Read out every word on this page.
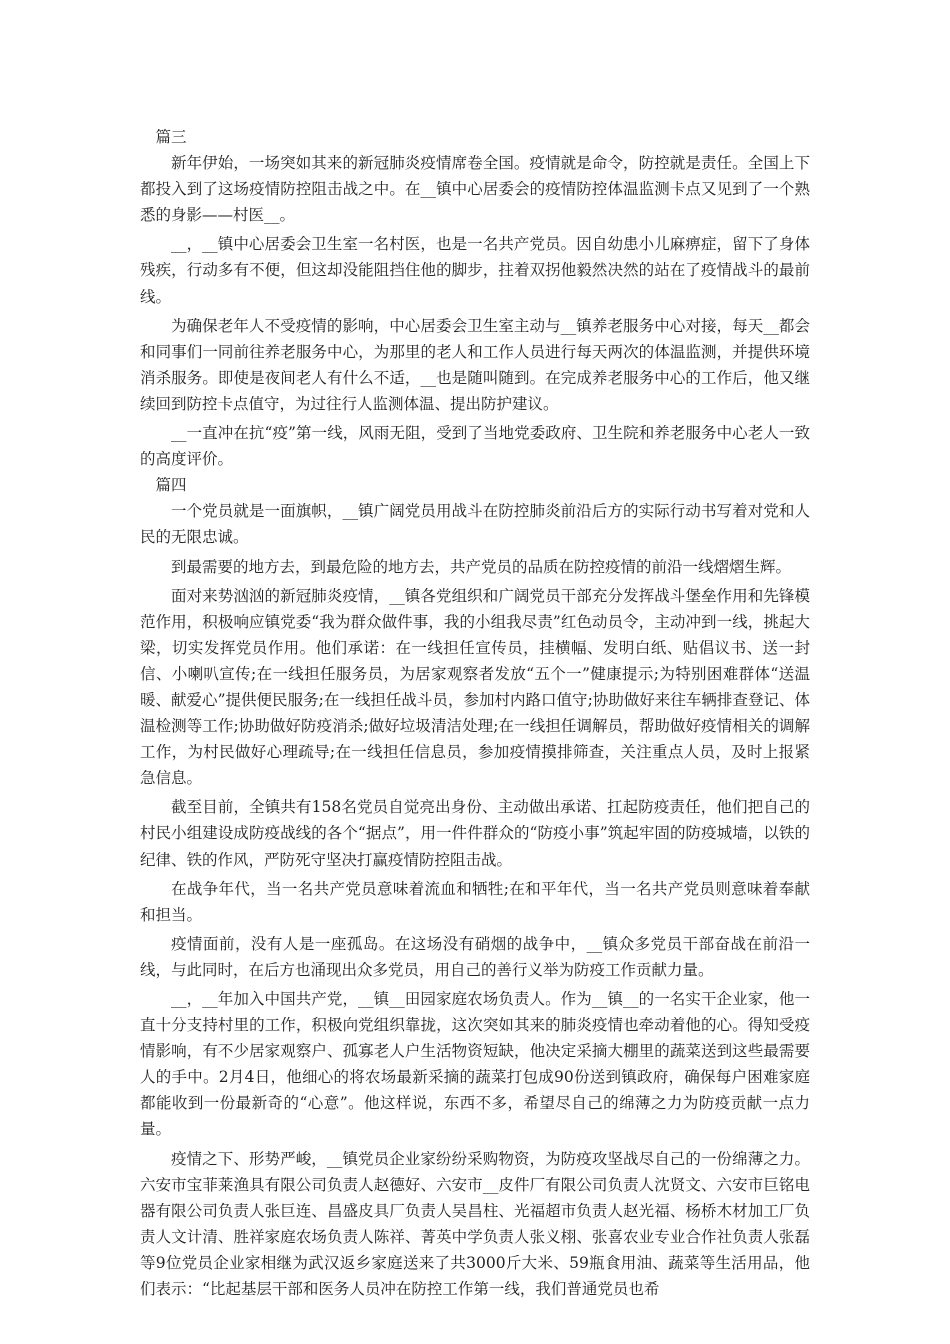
篇三

新年伊始，一场突如其来的新冠肺炎疫情席卷全国。疫情就是命令，防控就是责任。全国上下都投入到了这场疫情防控阻击战之中。在__镇中心居委会的疫情防控体温监测卡点又见到了一个熟悉的身影——村医__。

__，__镇中心居委会卫生室一名村医，也是一名共产党员。因自幼患小儿麻痹症，留下了身体残疾，行动多有不便，但这却没能阻挡住他的脚步，拄着双拐他毅然决然的站在了疫情战斗的最前线。

为确保老年人不受疫情的影响，中心居委会卫生室主动与__镇养老服务中心对接，每天__都会和同事们一同前往养老服务中心，为那里的老人和工作人员进行每天两次的体温监测，并提供环境消杀服务。即使是夜间老人有什么不适，__也是随叫随到。在完成养老服务中心的工作后，他又继续回到防控卡点值守，为过往行人监测体温、提出防护建议。

__一直冲在抗“疫”第一线，风雨无阻，受到了当地党委政府、卫生院和养老服务中心老人一致的高度评价。

篇四

一个党员就是一面旗帜，__镇广阔党员用战斗在防控肺炎前沿后方的实际行动书写着对党和人民的无限忠诚。

到最需要的地方去，到最危险的地方去，共产党员的品质在防控疫情的前沿一线熠熠生辉。

面对来势汹汹的新冠肺炎疫情，__镇各党组织和广阔党员干部充分发挥战斗堡垒作用和先锋模范作用，积极响应镇党委“我为群众做件事，我的小组我尽责”红色动员令，主动冲到一线，挑起大梁，切实发挥党员作用。他们承诺：在一线担任宣传员，挂横幅、发明白纸、贴倡议书、送一封信、小喇叭宣传;在一线担任服务员，为居家观察者发放“五个一”健康提示;为特别困难群体“送温暖、献爱心”提供便民服务;在一线担任战斗员，参加村内路口值守;协助做好来往车辆排查登记、体温检测等工作;协助做好防疫消杀;做好垃圾清洁处理;在一线担任调解员，帮助做好疫情相关的调解工作，为村民做好心理疏导;在一线担任信息员，参加疫情摸排筛查，关注重点人员，及时上报紧急信息。

截至目前，全镇共有158名党员自觉亮出身份、主动做出承诺、扛起防疫责任，他们把自己的村民小组建设成防疫战线的各个“据点”，用一件件群众的“防疫小事”筑起牢固的防疫城墙，以铁的纪律、铁的作风，严防死守坚决打赢疫情防控阻击战。

在战争年代，当一名共产党员意味着流血和牺牲;在和平年代，当一名共产党员则意味着奉献和担当。

疫情面前，没有人是一座孤岛。在这场没有硝烟的战争中，__镇众多党员干部奋战在前沿一线，与此同时，在后方也涌现出众多党员，用自己的善行义举为防疫工作贡献力量。

__，__年加入中国共产党，__镇__田园家庭农场负责人。作为__镇__的一名实干企业家，他一直十分支持村里的工作，积极向党组织靠拢，这次突如其来的肺炎疫情也牵动着他的心。得知受疫情影响，有不少居家观察户、孤寡老人户生活物资短缺，他决定采摘大棚里的蔬菜送到这些最需要人的手中。2月4日，他细心的将农场最新采摘的蔬菜打包成90份送到镇政府，确保每户困难家庭都能收到一份最新奇的“心意”。他这样说，东西不多，希望尽自己的绵薄之力为防疫贡献一点力量。

疫情之下、形势严峻，__镇党员企业家纷纷采购物资，为防疫攻坚战尽自己的一份绵薄之力。六安市宝菲莱渔具有限公司负责人赵德好、六安市__皮件厂有限公司负责人沈贤文、六安市巨铭电器有限公司负责人张巨连、昌盛皮具厂负责人吴昌柱、光福超市负责人赵光福、杨桥木材加工厂负责人文计清、胜祥家庭农场负责人陈祥、菁英中学负责人张义栩、张喜农业专业合作社负责人张磊等9位党员企业家相继为武汉返乡家庭送来了共3000斤大米、59瓶食用油、蔬菜等生活用品，他们表示：“比起基层干部和医务人员冲在防控工作第一线，我们普通党员也希
